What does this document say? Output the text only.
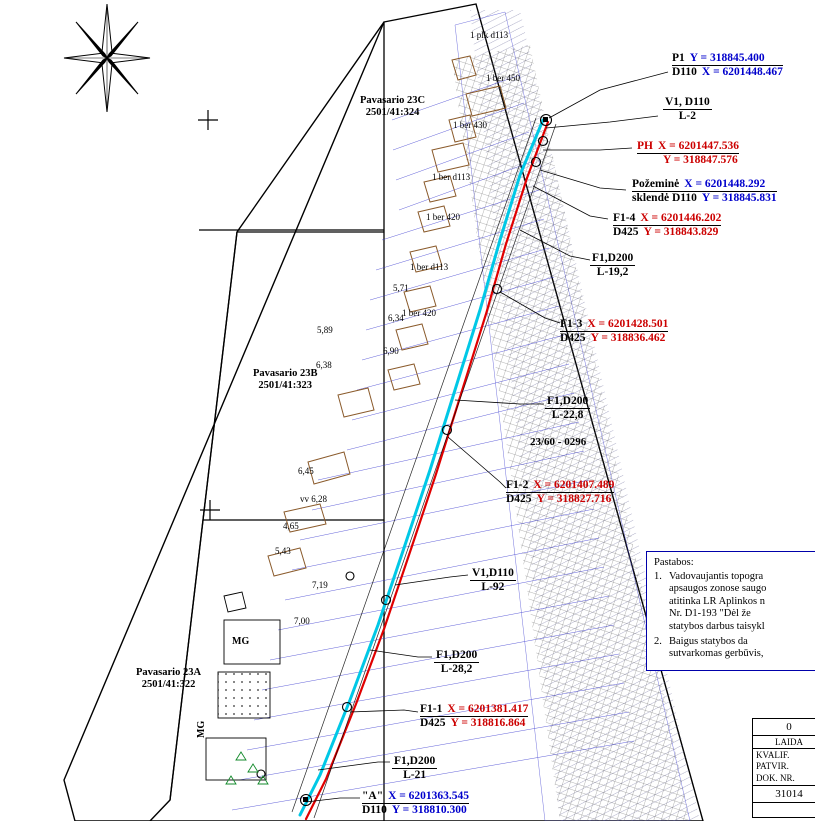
Pavasario 23C
2501/41:324
Pavasario 23B
2501/41:323
Pavasario 23A
2501/41:322
23/60 - 0296
P1 Y = 318845.400
D110 X = 6201448.467
V1, D110
L-2
PH X = 6201447.536
Y = 318847.576
Požeminė X = 6201448.292
sklendė D110 Y = 318845.831
F1-4 X = 6201446.202
D425 Y = 318843.829
F1,D200
L-19,2
F1-3 X = 6201428.501
D425 Y = 318836.462
F1,D200
L-22,8
F1-2 X = 6201407.489
D425 Y = 318827.716
V1,D110
L-92
F1,D200
L-28,2
F1-1 X = 6201381.417
D425 Y = 318816.864
F1,D200
L-21
"A" X = 6201363.545
D110 Y = 318810.300
MG
MG
Pastabos:
1. Vadovaujantis topogra
apsaugos zonose saugo
atitinka LR Aplinkos n
Nr. D1-193 "Dėl že
statybos darbus taisykl
2. Baigus statybos da
sutvarkomas gerbūvis,
0
LAIDA
KVALIF.
PATVIR.
DOK. NR.
31014
1 plk d113
1 ber 450
1 ber 430
1 ber d113
1 ber 420
1 ber d113
1 ber 420
vv 6,28
5,71
6,34
6,90
5,89
6,45
5,43
4,65
7,19
7,00
6,38
